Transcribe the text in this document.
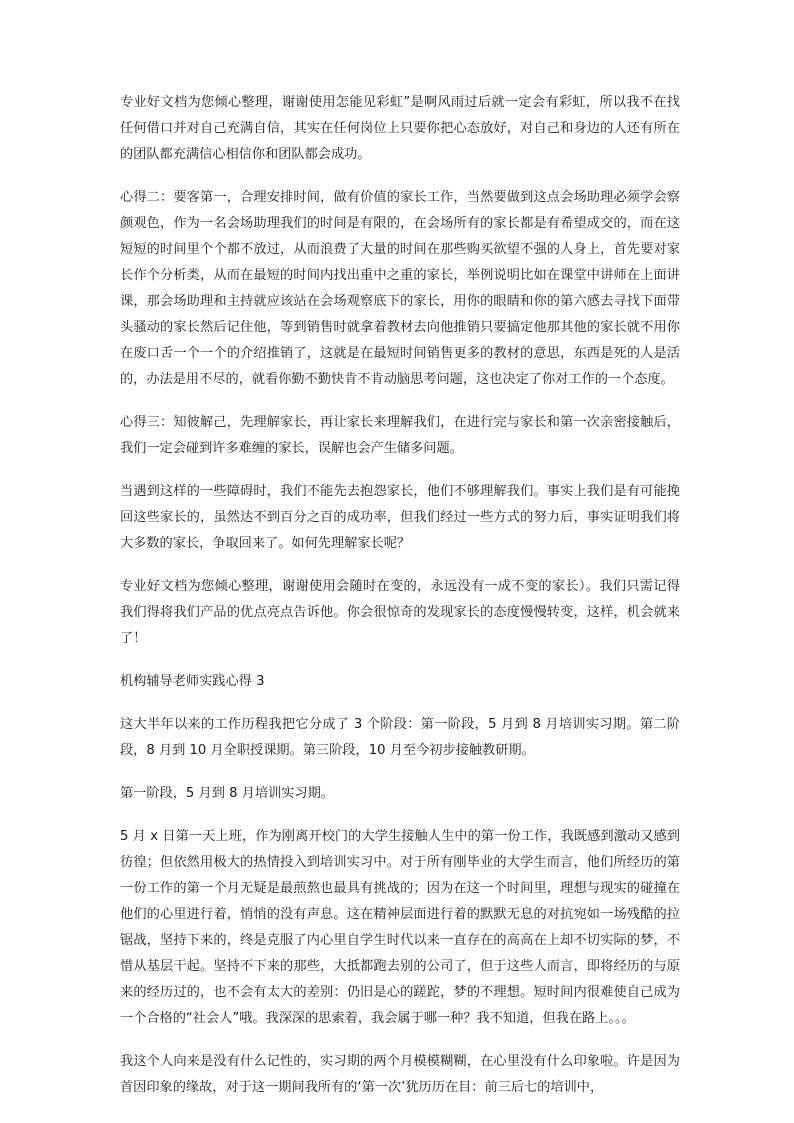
专业好文档为您倾心整理，谢谢使用怎能见彩虹”是啊风雨过后就一定会有彩虹，所以我不在找任何借口并对自己充满自信，其实在任何岗位上只要你把心态放好，对自己和身边的人还有所在的团队都充满信心相信你和团队都会成功。

心得二：要客第一，合理安排时间，做有价值的家长工作，当然要做到这点会场助理必须学会察颜观色，作为一名会场助理我们的时间是有限的，在会场所有的家长都是有希望成交的，而在这短短的时间里个个都不放过，从而浪费了大量的时间在那些购买欲望不强的人身上，首先要对家长作个分析类，从而在最短的时间内找出重中之重的家长，举例说明比如在课堂中讲师在上面讲课，那会场助理和主持就应该站在会场观察底下的家长，用你的眼睛和你的第六感去寻找下面带头骚动的家长然后记住他，等到销售时就拿着教材去向他推销只要搞定他那其他的家长就不用你在废口舌一个一个的介绍推销了，这就是在最短时间销售更多的教材的意思，东西是死的人是活的，办法是用不尽的，就看你勤不勤快肯不肯动脑思考问题，这也决定了你对工作的一个态度。

心得三：知彼解己，先理解家长，再让家长来理解我们，在进行完与家长和第一次亲密接触后，我们一定会碰到许多难缠的家长，误解也会产生储多问题。

当遇到这样的一些障碍时，我们不能先去抱怨家长，他们不够理解我们。事实上我们是有可能挽回这些家长的，虽然达不到百分之百的成功率，但我们经过一些方式的努力后，事实证明我们将大多数的家长，争取回来了。如何先理解家长呢？

专业好文档为您倾心整理，谢谢使用会随时在变的，永远没有一成不变的家长）。我们只需记得我们得将我们产品的优点亮点告诉他。你会很惊奇的发现家长的态度慢慢转变，这样，机会就来了！

机构辅导老师实践心得 3

这大半年以来的工作历程我把它分成了 3 个阶段：第一阶段，5 月到 8 月培训实习期。第二阶段，8 月到 10 月全职授课期。第三阶段，10 月至今初步接触教研期。

第一阶段，5 月到 8 月培训实习期。

5 月 x 日第一天上班，作为刚离开校门的大学生接触人生中的第一份工作，我既感到激动又感到彷徨；但依然用极大的热情投入到培训实习中。对于所有刚毕业的大学生而言，他们所经历的第一份工作的第一个月无疑是最煎熬也最具有挑战的；因为在这一个时间里，理想与现实的碰撞在他们的心里进行着，悄悄的没有声息。这在精神层面进行着的默默无息的对抗宛如一场残酷的拉锯战，坚持下来的，终是克服了内心里自学生时代以来一直存在的高高在上却不切实际的梦，不惜从基层干起。坚持不下来的那些，大抵都跑去别的公司了，但于这些人而言，即将经历的与原来的经历过的，也不会有太大的差别：仍旧是心的蹉跎，梦的不理想。短时间内很难使自己成为一个合格的“社会人”哦。我深深的思索着，我会属于哪一种？我不知道，但我在路上。。。

我这个人向来是没有什么记性的，实习期的两个月模模糊糊，在心里没有什么印象啦。许是因为首因印象的缘故，对于这一期间我所有的‘第一次’犹历历在目：前三后七的培训中，
